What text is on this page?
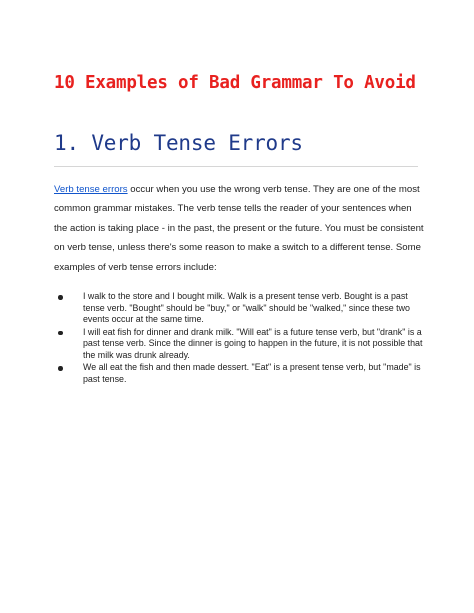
10 Examples of Bad Grammar To Avoid
1. Verb Tense Errors

Verb tense errors occur when you use the wrong verb tense. They are one of the most common grammar mistakes. The verb tense tells the reader of your sentences when the action is taking place - in the past, the present or the future. You must be consistent on verb tense, unless there's some reason to make a switch to a different tense. Some examples of verb tense errors include:

I walk to the store and I bought milk. Walk is a present tense verb. Bought is a past tense verb. "Bought" should be "buy," or "walk" should be "walked," since these two events occur at the same time.
I will eat fish for dinner and drank milk. "Will eat" is a future tense verb, but "drank" is a past tense verb. Since the dinner is going to happen in the future, it is not possible that the milk was drunk already.
We all eat the fish and then made dessert. "Eat" is a present tense verb, but "made" is past tense.
